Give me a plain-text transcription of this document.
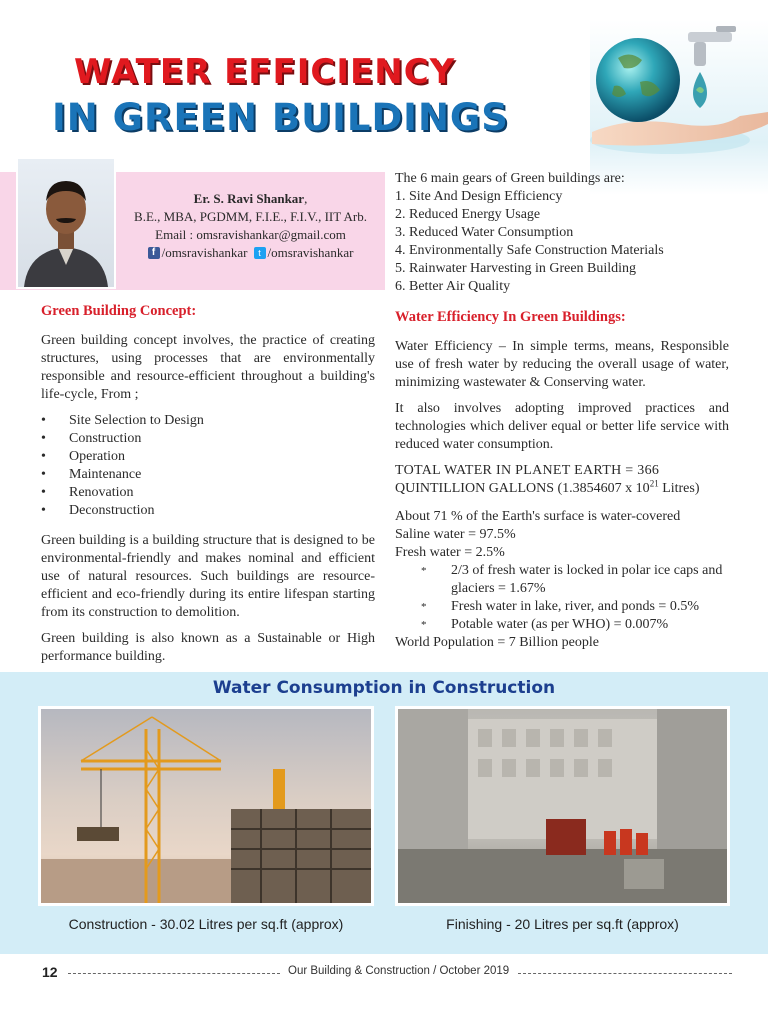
WATER EFFICIENCY
IN GREEN BUILDINGS
Er. S. Ravi Shankar,
B.E., MBA, PGDMM, F.I.E., F.I.V., IIT Arb.
Email : omsravishankar@gmail.com
f /omsravishankar	t /omsravishankar
Green Building Concept:

Green building concept involves, the practice of creating structures, using processes that are environmentally responsible and resource-efficient throughout a building's life-cycle, From ;

• Site Selection to Design
• Construction
• Operation
• Maintenance
• Renovation
• Deconstruction

Green building is a building structure that is designed to be environmental-friendly and makes nominal and efficient use of natural resources. Such buildings are resource-efficient and eco-friendly during its entire lifespan starting from its construction to demolition.

Green building is also known as a Sustainable or High performance building.

The 6 main gears of Green buildings are:
1. Site And Design Efficiency
2. Reduced Energy Usage
3. Reduced Water Consumption
4. Environmentally Safe Construction Materials
5. Rainwater Harvesting in Green Building
6. Better Air Quality
Water Efficiency In Green Buildings:

Water Efficiency – In simple terms, means, Responsible use of fresh water by reducing the overall usage of water, minimizing wastewater & Conserving water.

It also involves adopting improved practices and technologies which deliver equal or better life service with reduced water consumption.

TOTAL WATER IN PLANET EARTH = 366
QUINTILLION GALLONS (1.3854607 x $10^{21}$ Litres)
About 71 % of the Earth's surface is water-covered
Saline water = 97.5%
Fresh water = 2.5%
* 2/3 of fresh water is locked in polar ice caps and glaciers = 1.67%
* Fresh water in lake, river, and ponds = 0.5%
* Potable water (as per WHO) = 0.007%
World Population = 7 Billion people
Water Consumption in Construction
Construction - 30.02 Litres per sq.ft (approx)	Finishing - 20 Litres per sq.ft (approx)
12	Our Building & Construction / October 2019
